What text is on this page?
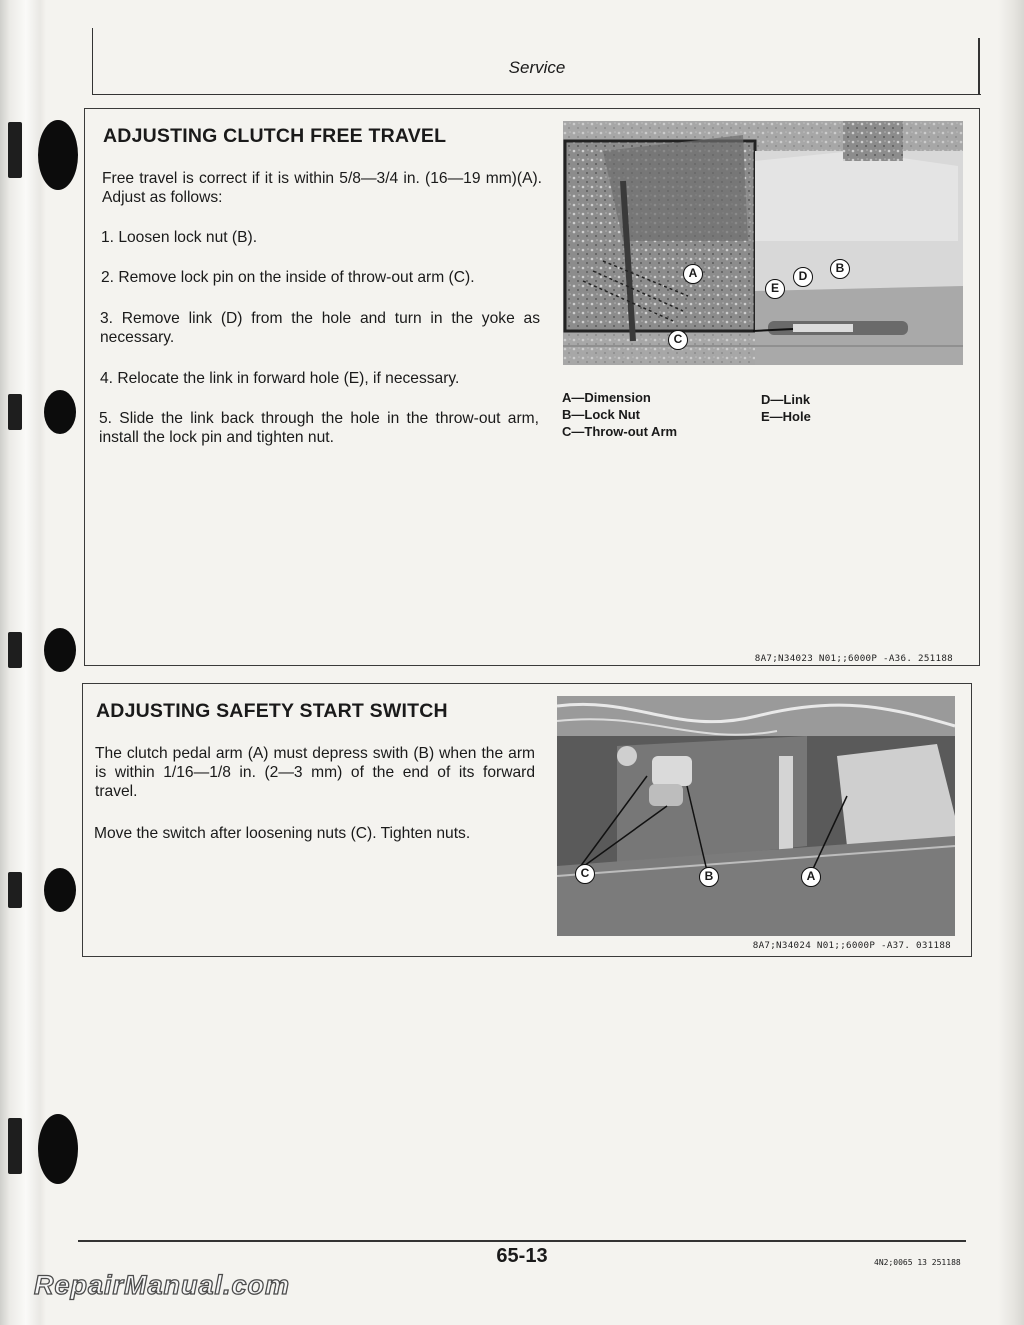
Service
ADJUSTING CLUTCH FREE TRAVEL
Free travel is correct if it is within 5/8—3/4 in. (16—19 mm)(A). Adjust as follows:
1. Loosen lock nut (B).
2. Remove lock pin on the inside of throw-out arm (C).
3. Remove link (D) from the hole and turn in the yoke as necessary.
4. Relocate the link in forward hole (E), if necessary.
5. Slide the link back through the hole in the throw-out arm, install the lock pin and tighten nut.
A
E
D
B
C
A—Dimension
B—Lock Nut
C—Throw-out Arm
D—Link
E—Hole
8A7;N34023 N01;;6000P -A36. 251188
ADJUSTING SAFETY START SWITCH
The clutch pedal arm (A) must depress swith (B) when the arm is within 1/16—1/8 in. (2—3 mm) of the end of its forward travel.
Move the switch after loosening nuts (C). Tighten nuts.
C	B	A
8A7;N34024 N01;;6000P -A37. 031188
65-13	4N2;0065 13 251188
RepairManual.com
